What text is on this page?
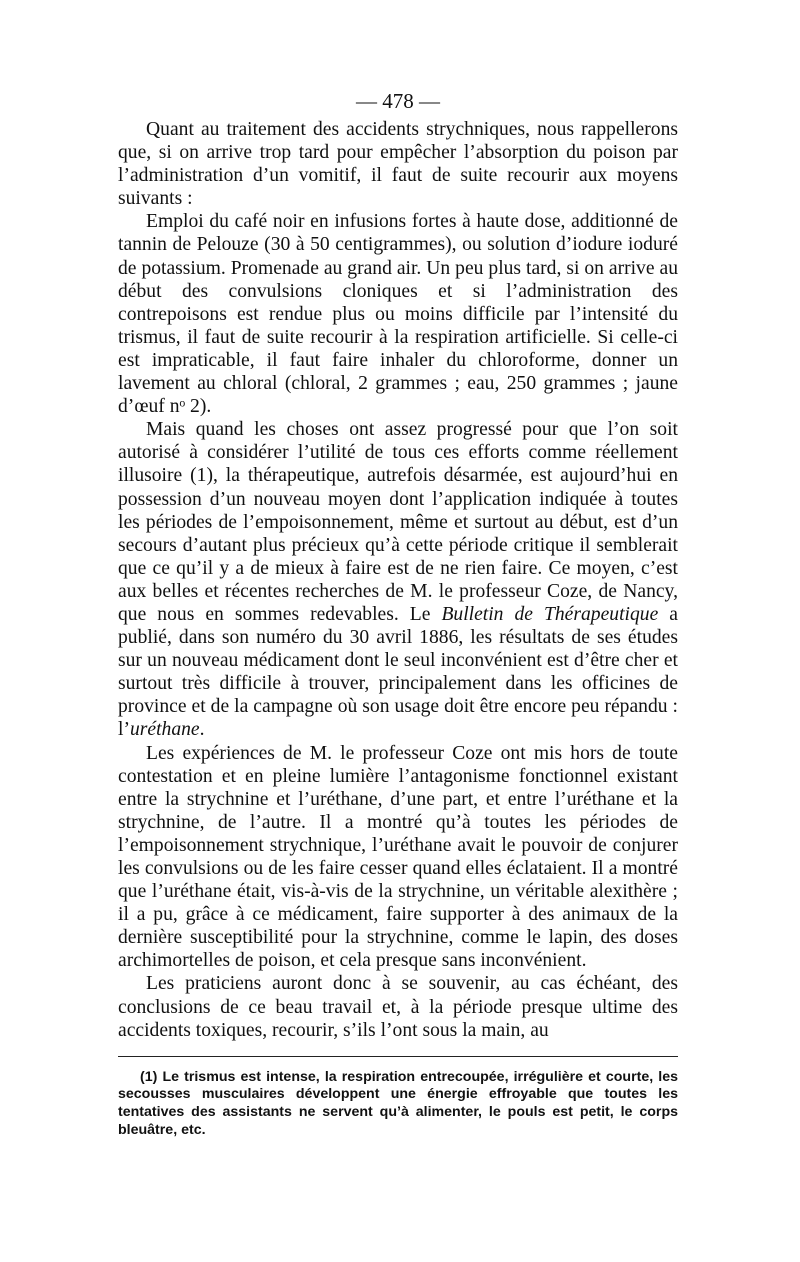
— 478 —

Quant au traitement des accidents strychniques, nous rappellerons que, si on arrive trop tard pour empêcher l’absorption du poison par l’administration d’un vomitif, il faut de suite recourir aux moyens suivants :

Emploi du café noir en infusions fortes à haute dose, additionné de tannin de Pelouze (30 à 50 centigrammes), ou solution d’iodure ioduré de potassium. Promenade au grand air. Un peu plus tard, si on arrive au début des convulsions cloniques et si l’administration des contrepoisons est rendue plus ou moins difficile par l’intensité du trismus, il faut de suite recourir à la respiration artificielle. Si celle-ci est impraticable, il faut faire inhaler du chloroforme, donner un lavement au chloral (chloral, 2 grammes ; eau, 250 grammes ; jaune d’œuf nᵒ 2).

Mais quand les choses ont assez progressé pour que l’on soit autorisé à considérer l’utilité de tous ces efforts comme réellement illusoire (1), la thérapeutique, autrefois désarmée, est aujourd’hui en possession d’un nouveau moyen dont l’application indiquée à toutes les périodes de l’empoisonnement, même et surtout au début, est d’un secours d’autant plus précieux qu’à cette période critique il semblerait que ce qu’il y a de mieux à faire est de ne rien faire. Ce moyen, c’est aux belles et récentes recherches de M. le professeur Coze, de Nancy, que nous en sommes redevables. Le Bulletin de Thérapeutique a publié, dans son numéro du 30 avril 1886, les résultats de ses études sur un nouveau médicament dont le seul inconvénient est d’être cher et surtout très difficile à trouver, principalement dans les officines de province et de la campagne où son usage doit être encore peu répandu : l’uréthane.

Les expériences de M. le professeur Coze ont mis hors de toute contestation et en pleine lumière l’antagonisme fonctionnel existant entre la strychnine et l’uréthane, d’une part, et entre l’uréthane et la strychnine, de l’autre. Il a montré qu’à toutes les périodes de l’empoisonnement strychnique, l’uréthane avait le pouvoir de conjurer les convulsions ou de les faire cesser quand elles éclataient. Il a montré que l’uréthane était, vis-à-vis de la strychnine, un véritable alexithère ; il a pu, grâce à ce médicament, faire supporter à des animaux de la dernière susceptibilité pour la strychnine, comme le lapin, des doses archimortelles de poison, et cela presque sans inconvénient.

Les praticiens auront donc à se souvenir, au cas échéant, des conclusions de ce beau travail et, à la période presque ultime des accidents toxiques, recourir, s’ils l’ont sous la main, au

(1) Le trismus est intense, la respiration entrecoupée, irrégulière et courte, les secousses musculaires développent une énergie effroyable que toutes les tentatives des assistants ne servent qu’à alimenter, le pouls est petit, le corps bleuâtre, etc.
